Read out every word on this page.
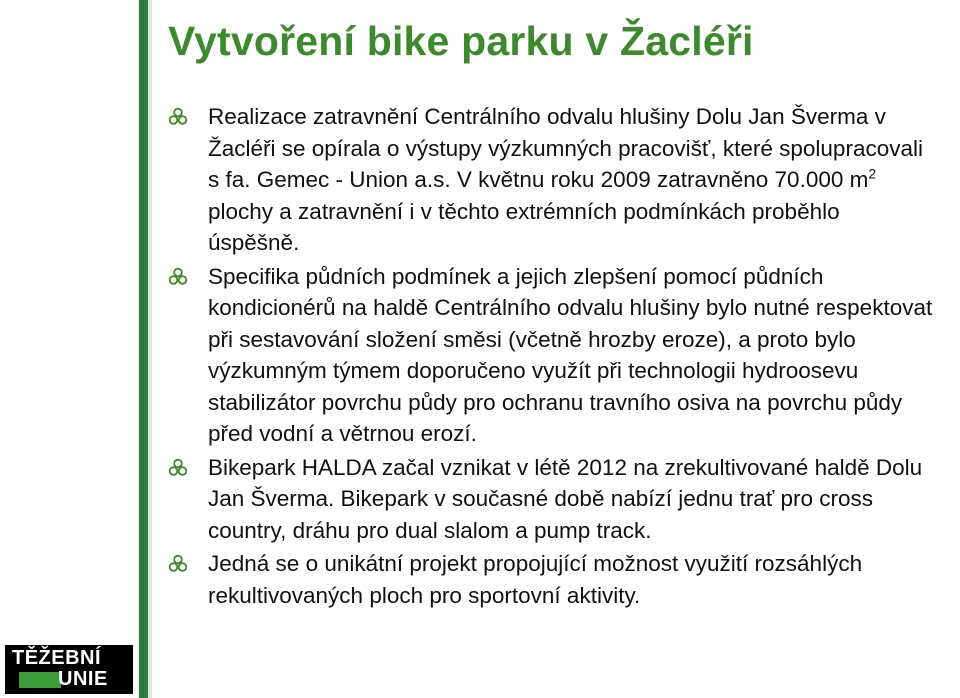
Vytvoření bike parku v Žacléři
Realizace zatravnění Centrálního odvalu hlušiny Dolu Jan Šverma v Žacléři se opírala o výstupy výzkumných pracovišť, které spolupracovali s fa. Gemec - Union a.s. V květnu roku 2009 zatravněno 70.000 $m^2$ plochy a zatravnění i v těchto extrémních podmínkách proběhlo úspěšně.
Specifika půdních podmínek a jejich zlepšení pomocí půdních kondicionérů na haldě Centrálního odvalu hlušiny bylo nutné respektovat při sestavování složení směsi (včetně hrozby eroze), a proto bylo výzkumným týmem doporučeno využít při technologii hydroosevu stabilizátor povrchu půdy pro ochranu travního osiva na povrchu půdy před vodní a větrnou erozí.
Bikepark HALDA začal vznikat v létě 2012 na zrekultivované haldě Dolu Jan Šverma. Bikepark v současné době nabízí jednu trať pro cross country, dráhu pro dual slalom a pump track.
Jedná se o unikátní projekt propojující možnost využití rozsáhlých rekultivovaných ploch pro sportovní aktivity.

TĚŽEBNÍ
UNIE
